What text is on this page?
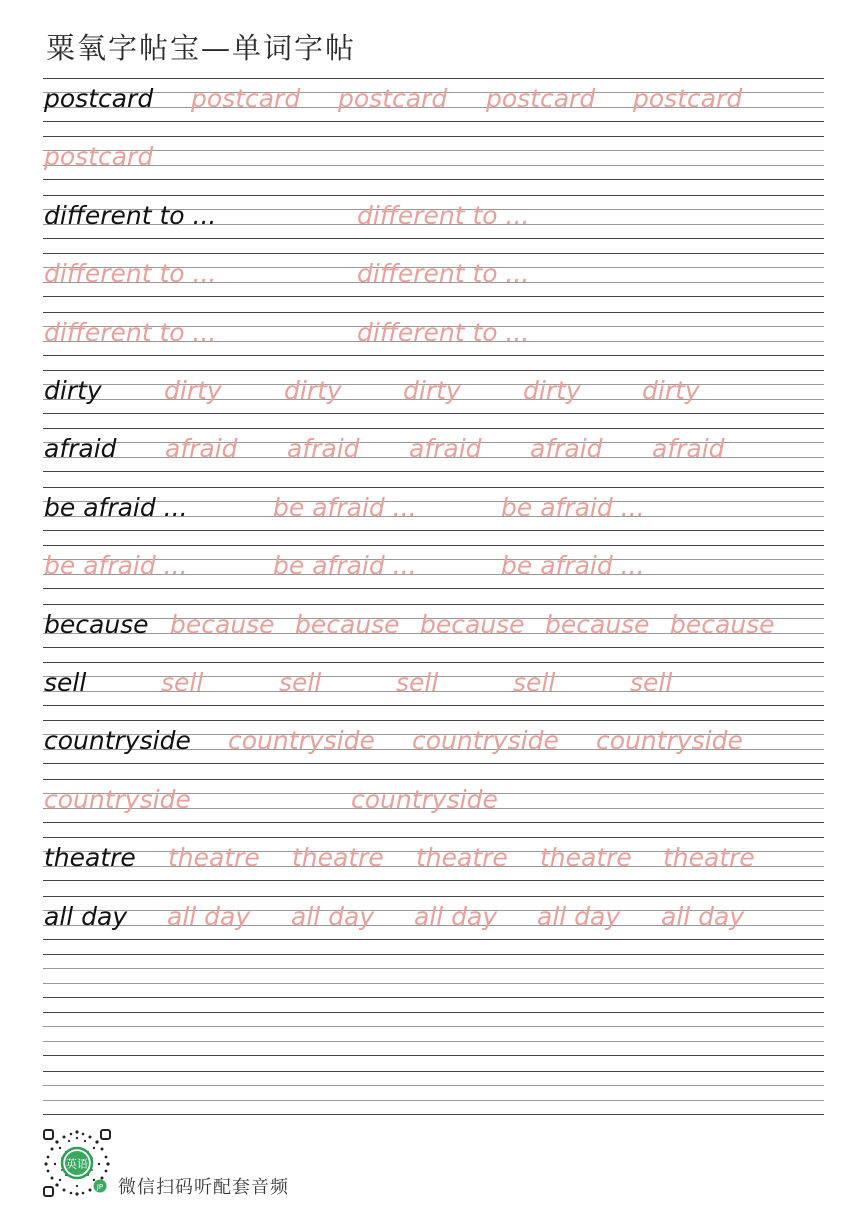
粟氧字帖宝—单词字帖
postcard postcard postcard postcard postcard
postcard
different to ...	different to ...
different to ...	different to ...
different to ...	different to ...
dirty dirty dirty dirty dirty dirty
afraid afraid afraid afraid afraid afraid
be afraid ...	be afraid ...	be afraid ...
be afraid ...	be afraid ...	be afraid ...
because because because because because because
sell	sell	sell	sell	sell	sell
countryside countryside countryside countryside
countryside	countryside
theatre theatre theatre theatre theatre theatre
all day all day all day all day all day all day
英语
JP 微信扫码听配套音频
